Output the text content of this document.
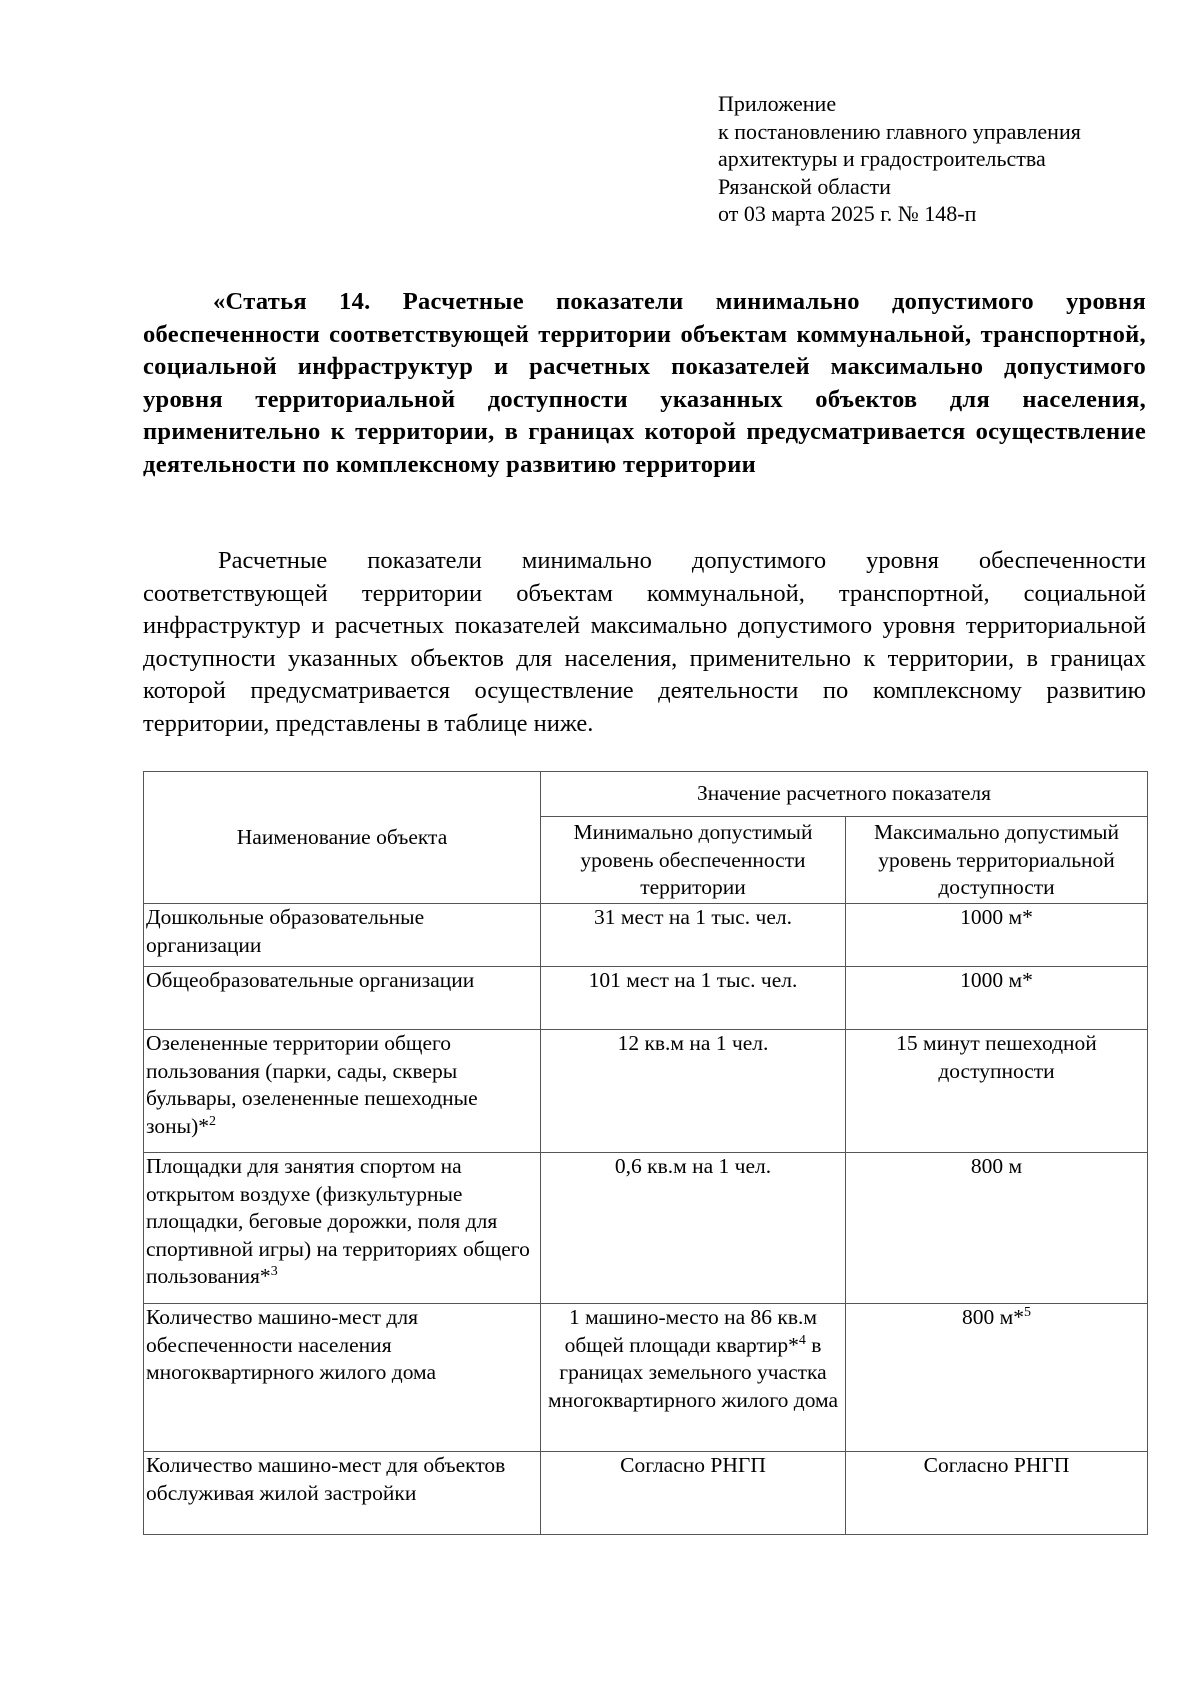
Приложение
к постановлению главного управления
архитектуры и градостроительства
Рязанской области
от 03 марта 2025 г. № 148-п
«Статья 14. Расчетные показатели минимально допустимого уровня обеспеченности соответствующей территории объектам коммунальной, транспортной, социальной инфраструктур и расчетных показателей максимально допустимого уровня территориальной доступности указанных объектов для населения, применительно к территории, в границах которой предусматривается осуществление деятельности по комплексному развитию территории
Расчетные показатели минимально допустимого уровня обеспеченности соответствующей территории объектам коммунальной, транспортной, социальной инфраструктур и расчетных показателей максимально допустимого уровня территориальной доступности указанных объектов для населения, применительно к территории, в границах которой предусматривается осуществление деятельности по комплексному развитию территории, представлены в таблице ниже.
Наименование объекта	Значение расчетного показателя	
	Минимально допустимый уровень обеспеченности территории	Максимально допустимый уровень территориальной доступности
Дошкольные образовательные организации	31 мест на 1 тыс. чел.	1000 м*
Общеобразовательные организации	101 мест на 1 тыс. чел.	1000 м*
Озелененные территории общего пользования (парки, сады, скверы бульвары, озелененные пешеходные зоны)*$^2$	12 кв.м на 1 чел.	15 минут пешеходной доступности
Площадки для занятия спортом на открытом воздухе (физкультурные площадки, беговые дорожки, поля для спортивной игры) на территориях общего пользования*$^3$	0,6 кв.м на 1 чел.	800 м
Количество машино-мест для обеспеченности населения многоквартирного жилого дома	1 машино-место на 86 кв.м общей площади квартир*$^4$ в границах земельного участка многоквартирного жилого дома	800 м*$^5$
Количество машино-мест для объектов обслуживая жилой застройки	Согласно РНГП	Согласно РНГП
